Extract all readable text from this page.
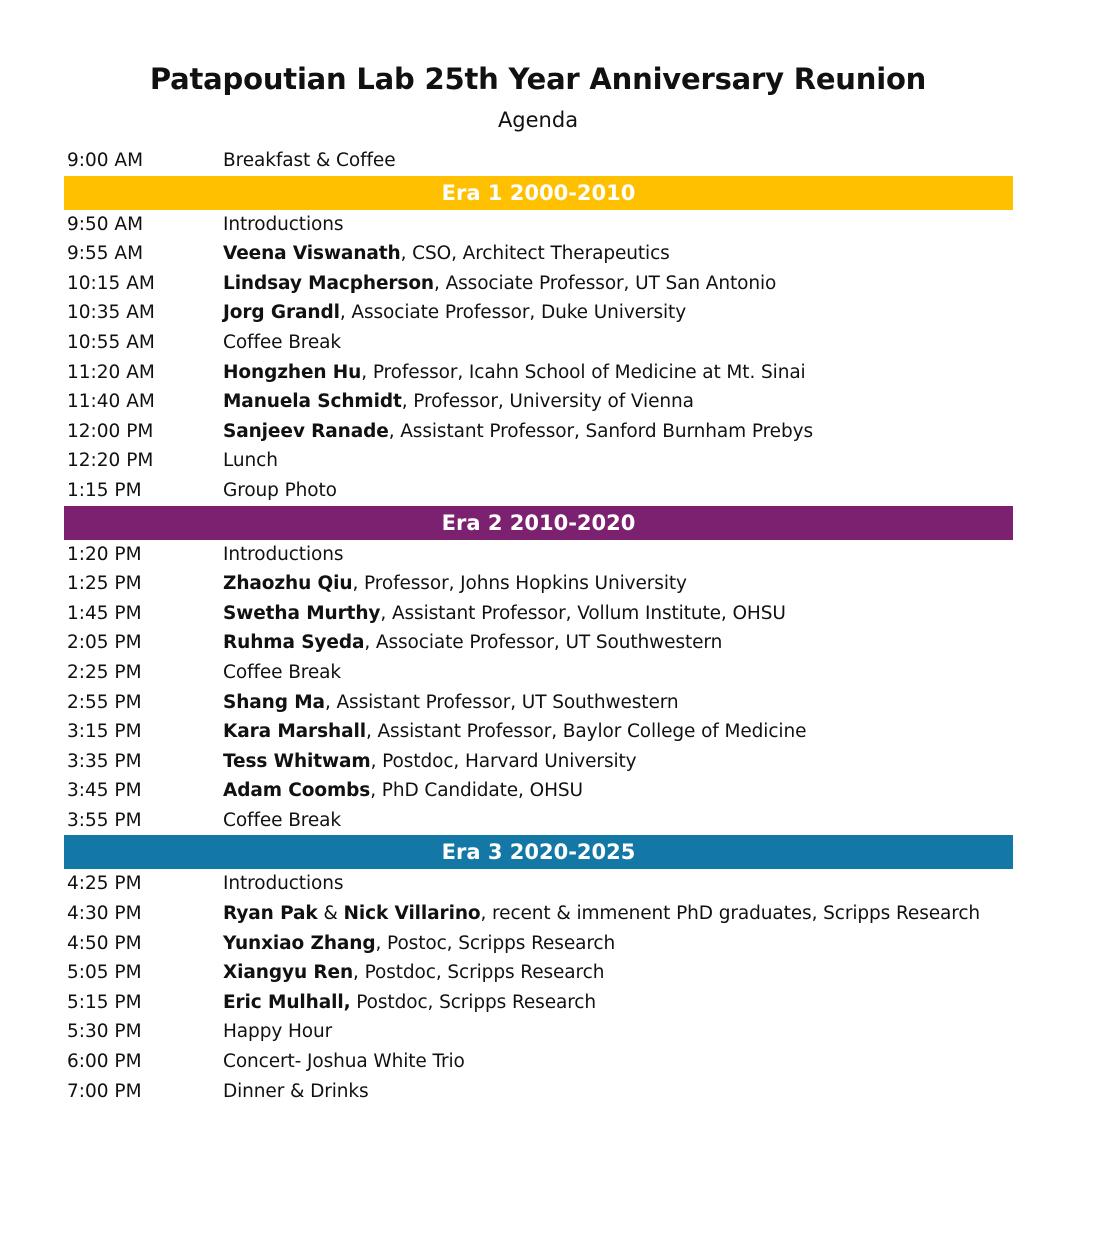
Patapoutian Lab 25th Year Anniversary Reunion
Agenda
9:00 AM	Breakfast & Coffee
Era 1 2000-2010
9:50 AM	Introductions
9:55 AM	Veena Viswanath, CSO, Architect Therapeutics
10:15 AM	Lindsay Macpherson, Associate Professor, UT San Antonio
10:35 AM	Jorg Grandl, Associate Professor, Duke University
10:55 AM	Coffee Break
11:20 AM	Hongzhen Hu, Professor, Icahn School of Medicine at Mt. Sinai
11:40 AM	Manuela Schmidt, Professor, University of Vienna
12:00 PM	Sanjeev Ranade, Assistant Professor, Sanford Burnham Prebys
12:20 PM	Lunch
1:15 PM	Group Photo
Era 2 2010-2020
1:20 PM	Introductions
1:25 PM	Zhaozhu Qiu, Professor, Johns Hopkins University
1:45 PM	Swetha Murthy, Assistant Professor, Vollum Institute, OHSU
2:05 PM	Ruhma Syeda, Associate Professor, UT Southwestern
2:25 PM	Coffee Break
2:55 PM	Shang Ma, Assistant Professor, UT Southwestern
3:15 PM	Kara Marshall, Assistant Professor, Baylor College of Medicine
3:35 PM	Tess Whitwam, Postdoc, Harvard University
3:45 PM	Adam Coombs, PhD Candidate, OHSU
3:55 PM	Coffee Break
Era 3 2020-2025
4:25 PM	Introductions
4:30 PM	Ryan Pak & Nick Villarino, recent & immenent PhD graduates, Scripps Research
4:50 PM	Yunxiao Zhang, Postoc, Scripps Research
5:05 PM	Xiangyu Ren, Postdoc, Scripps Research
5:15 PM	Eric Mulhall, Postdoc, Scripps Research
5:30 PM	Happy Hour
6:00 PM	Concert- Joshua White Trio
7:00 PM	Dinner & Drinks
